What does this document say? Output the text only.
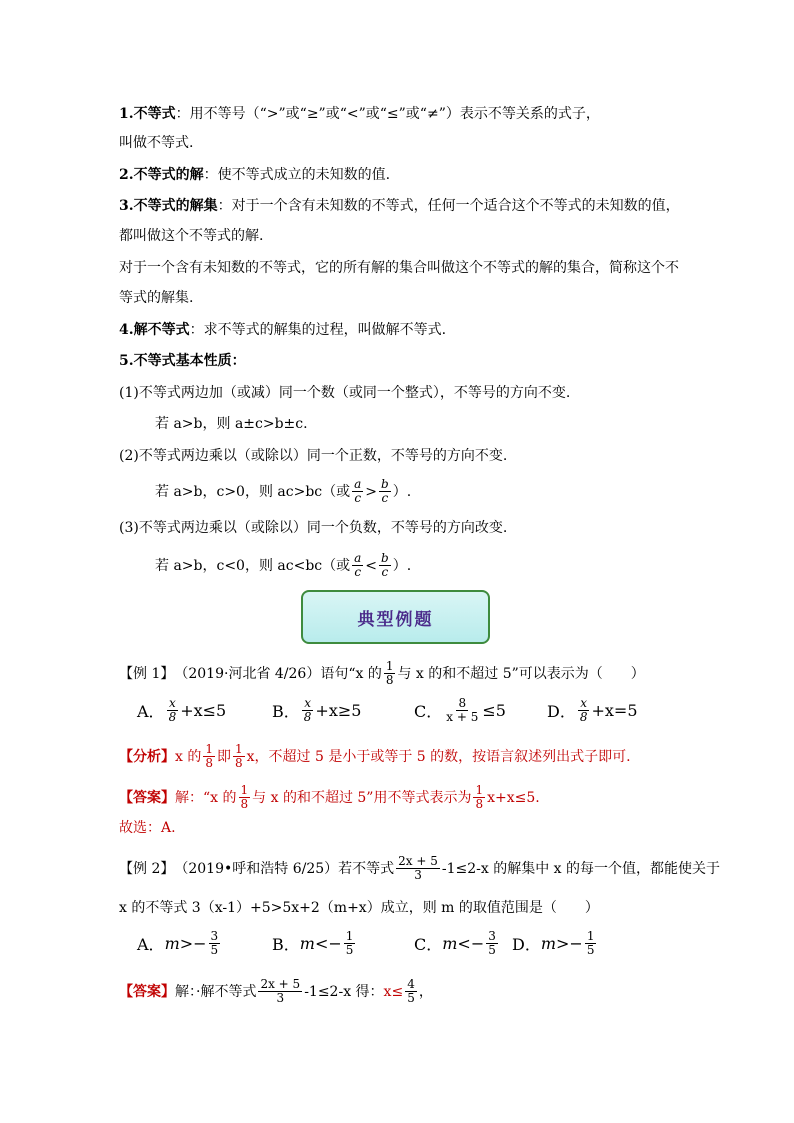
1.不等式 ：用不等号（“>”或“≥”或“<”或“≤”或“≠”）表示不等关系的式子，
叫做不等式.
2.不等式的解 ：使不等式成立的未知数的值.
3.不等式的解集 ：对于一个含有未知数的不等式，任何一个适合这个不等式的未知数的值，
都叫做这个不等式的解.
对于一个含有未知数的不等式，它的所有解的集合叫做这个不等式的解的集合，简称这个不
等式的解集.
4.解不等式 ：求不等式的解集的过程，叫做解不等式.
5.不等式基本性质：
(1)不等式两边加（或减）同一个数（或同一个整式），不等号的方向不变.
若 a>b，则 a±c>b±c.
(2)不等式两边乘以（或除以）同一个正数，不等号的方向不变.
若 a>b，c>0，则 ac>bc（或 $\frac{a}{c} > \frac{b}{c}$ ）.
(3)不等式两边乘以（或除以）同一个负数，不等号的方向改变.
若 a>b，c<0，则 ac<bc（或 $\frac{a}{c} < \frac{b}{c}$ ）.
典型例题
【例 1】 （2019·河北省 4/26） 语句“x 的 $\frac{1}{8}$ 与 x 的和不超过 5”可以表示为（　　）
A． $\frac{x}{8} +x\le 5$	B． $\frac{x}{8} +x\ge 5$	C． $\frac{8}{x + 5} \le 5$	D． $\frac{x}{8} +x=5$
【分析】 x 的 $\frac{1}{8}$ 即 $\frac{1}{8}$ x，不超过 5 是小于或等于 5 的数，按语言叙述列出式子即可.
【答案】 解：“x 的 $\frac{1}{8}$ 与 x 的和不超过 5”用不等式表示为 $\frac{1}{8} x+x\le 5$.
故选：A.
【例 2】 （2019•呼和浩特 6/25） 若不等式 $\frac{2x + 5}{3} -1\le 2-x$ 的解集中 x 的每一个值，都能使关于
x 的不等式 3（x-1）+5>5x+2（m+x）成立，则 m 的取值范围是（　　）
A． $m>- \frac{3}{5}$	B． $m<- \frac{1}{5}$	C． $m<- \frac{3}{5}$ D． $m>- \frac{1}{5}$
【答案】 解：·解不等式 $\frac{2x + 5}{3} -1\le 2-x$ 得： $x\le \frac{4}{5}$ ，
